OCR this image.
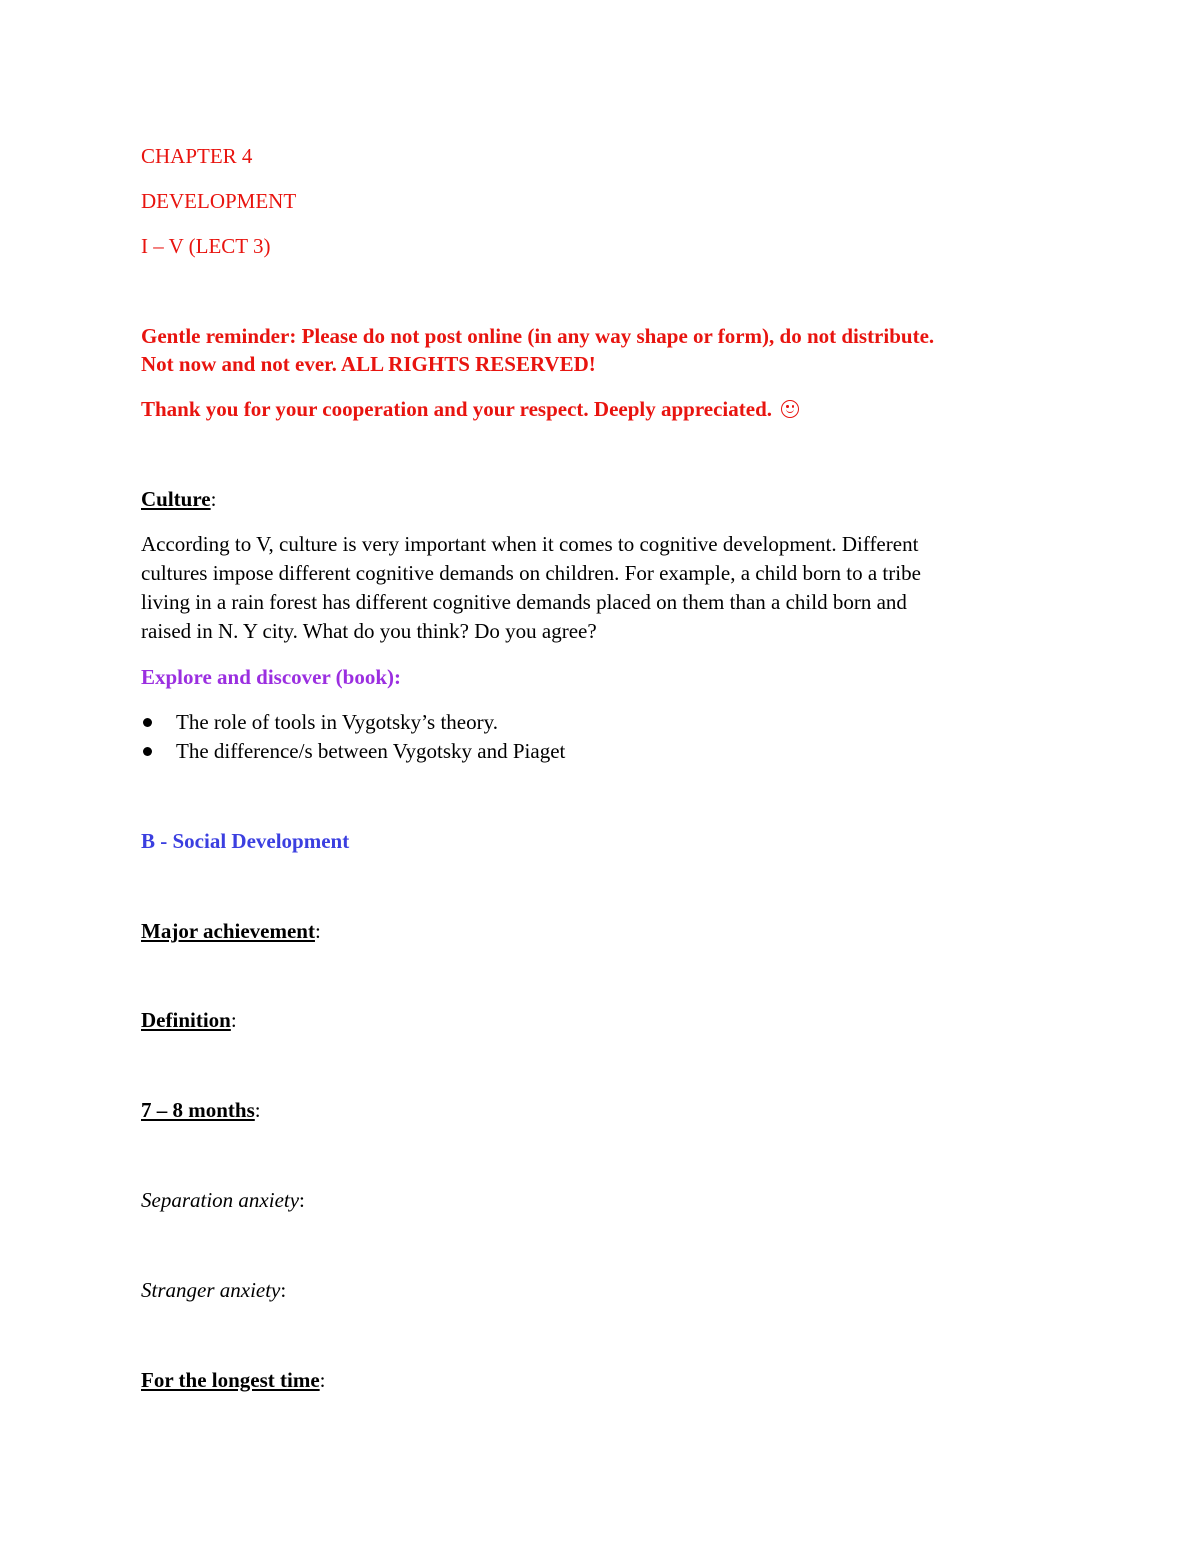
CHAPTER 4
DEVELOPMENT
I – V (LECT 3)
Gentle reminder: Please do not post online (in any way shape or form), do not distribute.
Not now and not ever. ALL RIGHTS RESERVED!
Thank you for your cooperation and your respect. Deeply appreciated.
Culture:
According to V, culture is very important when it comes to cognitive development. Different
cultures impose different cognitive demands on children. For example, a child born to a tribe
living in a rain forest has different cognitive demands placed on them than a child born and
raised in N. Y city. What do you think? Do you agree?
Explore and discover (book):
The role of tools in Vygotsky’s theory.
The difference/s between Vygotsky and Piaget
B - Social Development
Major achievement:
Definition:
7 – 8 months:
Separation anxiety:
Stranger anxiety:
For the longest time:
